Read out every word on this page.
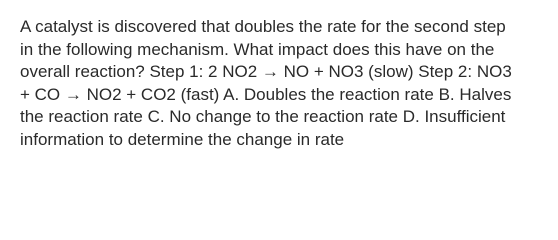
A catalyst is discovered that doubles the rate for the second step
in the following mechanism. What impact does this have on the
overall reaction? Step 1: 2 NO2 → NO + NO3 (slow) Step 2: NO3
+ CO → NO2 + CO2 (fast) A. Doubles the reaction rate B. Halves
the reaction rate C. No change to the reaction rate D. Insufficient
information to determine the change in rate
